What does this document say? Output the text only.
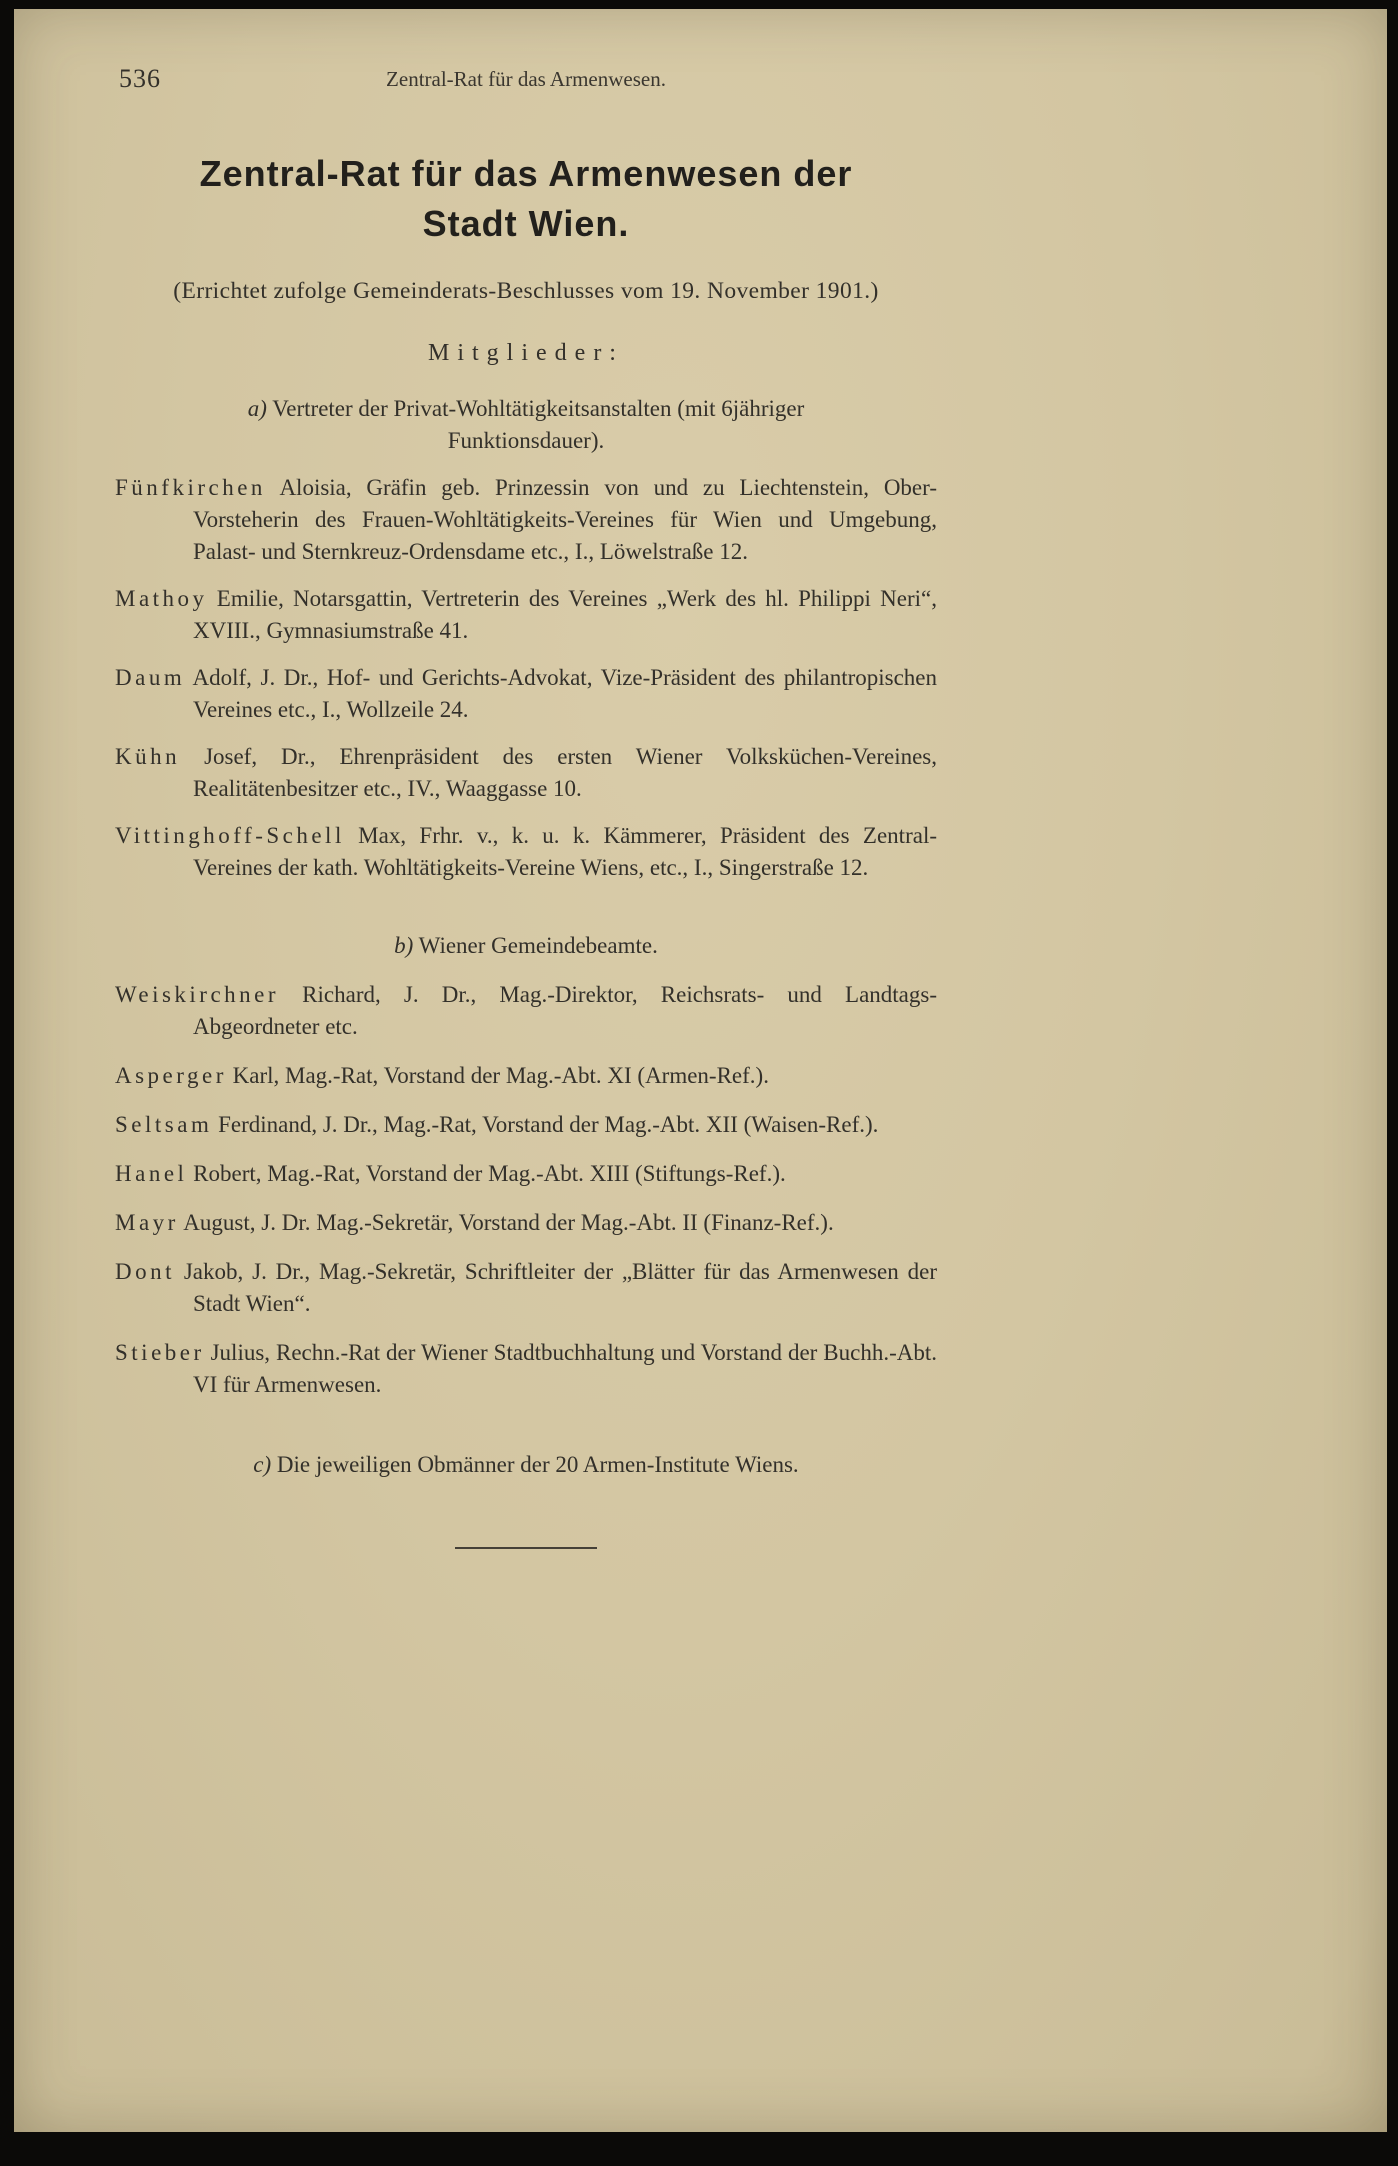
536	Zentral-Rat für das Armenwesen.
Zentral-Rat für das Armenwesen der
Stadt Wien.

(Errichtet zufolge Gemeinderats-Beschlusses vom 19. November 1901.)

Mitglieder:

a) Vertreter der Privat-Wohltätigkeitsanstalten (mit 6jähriger Funktionsdauer).

Fünfkirchen Aloisia, Gräfin geb. Prinzessin von und zu Liechtenstein, Ober-Vorsteherin des Frauen-Wohltätigkeits-Vereines für Wien und Umgebung, Palast- und Sternkreuz-Ordensdame etc., I., Löwelstraße 12.

Mathoy Emilie, Notarsgattin, Vertreterin des Vereines „Werk des hl. Philippi Neri“, XVIII., Gymnasiumstraße 41.

Daum Adolf, J. Dr., Hof- und Gerichts-Advokat, Vize-Präsident des philantropischen Vereines etc., I., Wollzeile 24.

Kühn Josef, Dr., Ehrenpräsident des ersten Wiener Volksküchen-Vereines, Realitätenbesitzer etc., IV., Waaggasse 10.

Vittinghoff-Schell Max, Frhr. v., k. u. k. Kämmerer, Präsident des Zentral-Vereines der kath. Wohltätigkeits-Vereine Wiens, etc., I., Singerstraße 12.

b) Wiener Gemeindebeamte.

Weiskirchner Richard, J. Dr., Mag.-Direktor, Reichsrats- und Landtags-Abgeordneter etc.

Asperger Karl, Mag.-Rat, Vorstand der Mag.-Abt. XI (Armen-Ref.).

Seltsam Ferdinand, J. Dr., Mag.-Rat, Vorstand der Mag.-Abt. XII (Waisen-Ref.).

Hanel Robert, Mag.-Rat, Vorstand der Mag.-Abt. XIII (Stiftungs-Ref.).

Mayr August, J. Dr. Mag.-Sekretär, Vorstand der Mag.-Abt. II (Finanz-Ref.).

Dont Jakob, J. Dr., Mag.-Sekretär, Schriftleiter der „Blätter für das Armenwesen der Stadt Wien“.

Stieber Julius, Rechn.-Rat der Wiener Stadtbuchhaltung und Vorstand der Buchh.-Abt. VI für Armenwesen.

c) Die jeweiligen Obmänner der 20 Armen-Institute Wiens.
